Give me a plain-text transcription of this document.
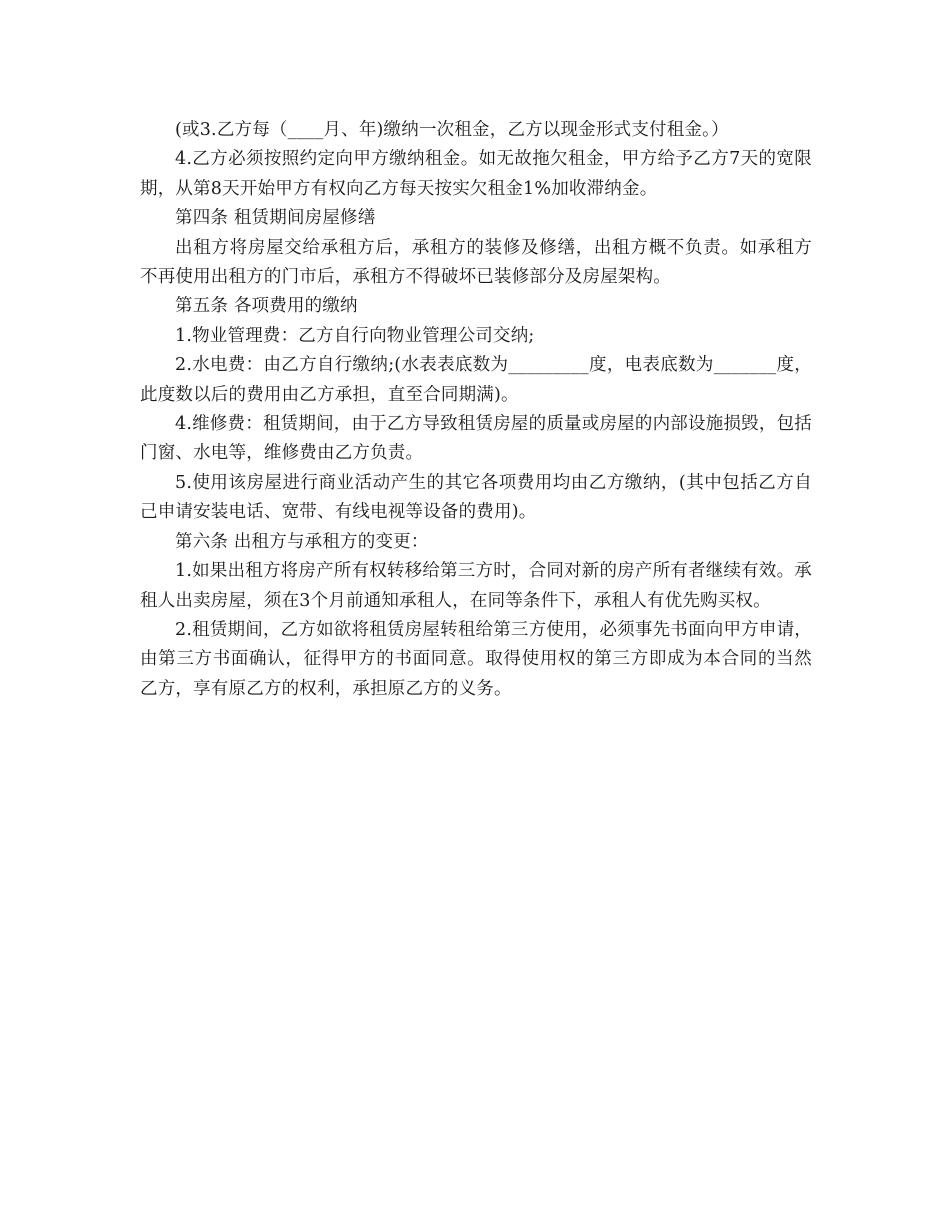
(或3.乙方每（____月、年)缴纳一次租金，乙方以现金形式支付租金。）

4.乙方必须按照约定向甲方缴纳租金。如无故拖欠租金，甲方给予乙方7天的宽限期，从第8天开始甲方有权向乙方每天按实欠租金1%加收滞纳金。

第四条 租赁期间房屋修缮

出租方将房屋交给承租方后，承租方的装修及修缮，出租方概不负责。如承租方不再使用出租方的门市后，承租方不得破坏已装修部分及房屋架构。

第五条 各项费用的缴纳

1.物业管理费：乙方自行向物业管理公司交纳;

2.水电费：由乙方自行缴纳;(水表表底数为_________度，电表底数为_______度，此度数以后的费用由乙方承担，直至合同期满)。

4.维修费：租赁期间，由于乙方导致租赁房屋的质量或房屋的内部设施损毁，包括门窗、水电等，维修费由乙方负责。

5.使用该房屋进行商业活动产生的其它各项费用均由乙方缴纳，(其中包括乙方自己申请安装电话、宽带、有线电视等设备的费用)。

第六条 出租方与承租方的变更：

1.如果出租方将房产所有权转移给第三方时，合同对新的房产所有者继续有效。承租人出卖房屋，须在3个月前通知承租人，在同等条件下，承租人有优先购买权。

2.租赁期间，乙方如欲将租赁房屋转租给第三方使用，必须事先书面向甲方申请，由第三方书面确认，征得甲方的书面同意。取得使用权的第三方即成为本合同的当然乙方，享有原乙方的权利，承担原乙方的义务。
